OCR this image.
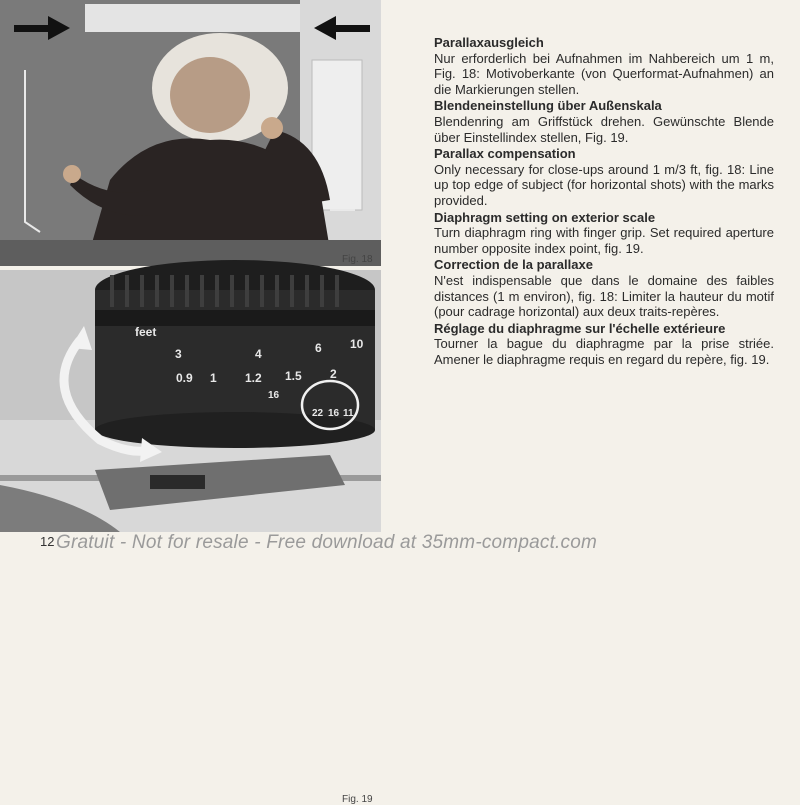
Fig. 18
feet
3	4	6 10
0.9 1 1.2 1.5 2
16
22 16 11
Fig. 19

Parallaxausgleich

Nur erforderlich bei Aufnahmen im Nahbereich um 1 m, Fig. 18: Motivoberkante (von Querformat-Aufnahmen) an die Markierungen stellen.

Blendeneinstellung über Außenskala

Blendenring am Griffstück drehen. Gewünschte Blende über Einstellindex stellen, Fig. 19.

Parallax compensation

Only necessary for close-ups around 1 m/3 ft, fig. 18: Line up top edge of subject (for horizontal shots) with the marks provided.

Diaphragm setting on exterior scale

Turn diaphragm ring with finger grip. Set required aperture number opposite index point, fig. 19.

Correction de la parallaxe

N'est indispensable que dans le domaine des faibles distances (1 m environ), fig. 18: Limiter la hauteur du motif (pour cadrage horizontal) aux deux traits-repères.

Réglage du diaphragme sur l'échelle extérieure

Tourner la bague du diaphragme par la prise striée. Amener le diaphragme requis en regard du repère, fig. 19.

12 Gratuit - Not for resale - Free download at 35mm-compact.com
